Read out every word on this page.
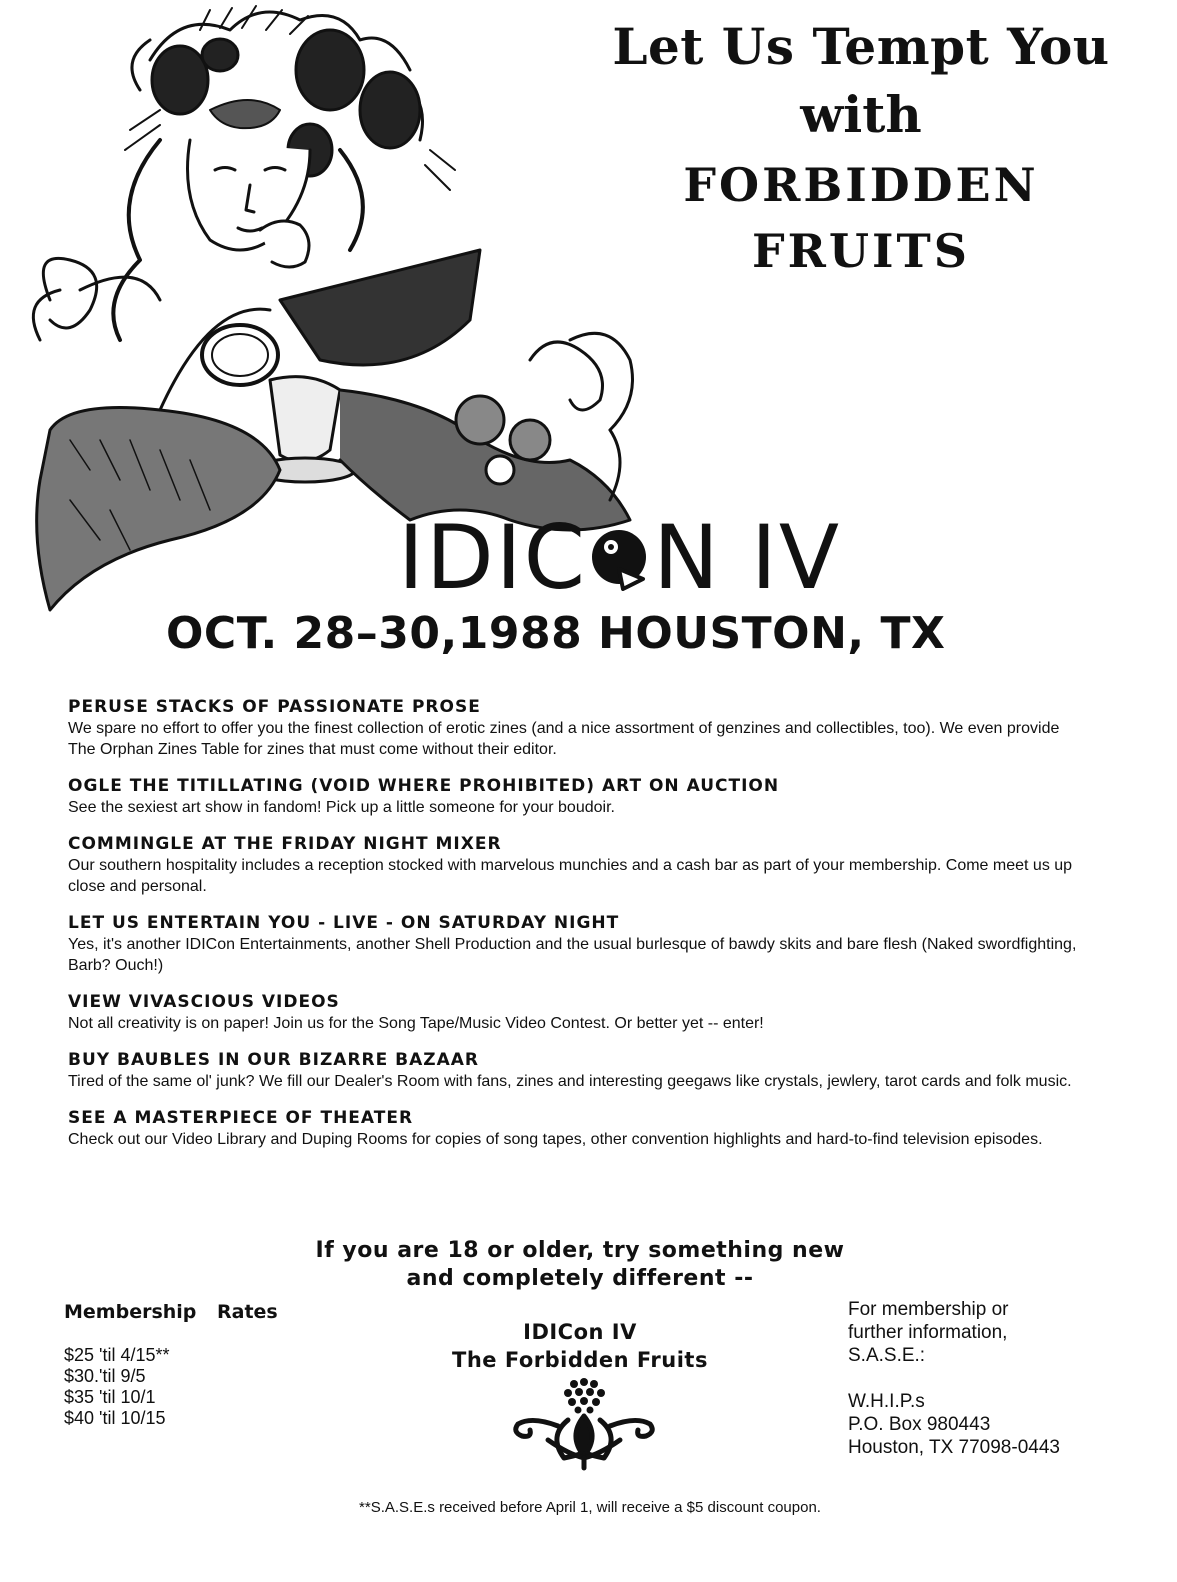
Let Us Tempt You
with
FORBIDDEN
FRUITS
IDIC N IV
OCT. 28–30,1988 HOUSTON, TX
PERUSE STACKS OF PASSIONATE PROSE
We spare no effort to offer you the finest collection of erotic zines (and a nice assortment of genzines and collectibles, too). We even provide The Orphan Zines Table for zines that must come without their editor.
OGLE THE TITILLATING (VOID WHERE PROHIBITED) ART ON AUCTION
See the sexiest art show in fandom! Pick up a little someone for your boudoir.
COMMINGLE AT THE FRIDAY NIGHT MIXER
Our southern hospitality includes a reception stocked with marvelous munchies and a cash bar as part of your membership. Come meet us up close and personal.
LET US ENTERTAIN YOU - LIVE - ON SATURDAY NIGHT
Yes, it's another IDICon Entertainments, another Shell Production and the usual burlesque of bawdy skits and bare flesh (Naked swordfighting, Barb? Ouch!)
VIEW VIVASCIOUS VIDEOS
Not all creativity is on paper! Join us for the Song Tape/Music Video Contest. Or better yet -- enter!
BUY BAUBLES IN OUR BIZARRE BAZAAR
Tired of the same ol' junk? We fill our Dealer's Room with fans, zines and interesting geegaws like crystals, jewlery, tarot cards and folk music.
SEE A MASTERPIECE OF THEATER
Check out our Video Library and Duping Rooms for copies of song tapes, other convention highlights and hard-to-find television episodes.
If you are 18 or older, try something new
and completely different --
Membership Rates
$25 'til 4/15**
$30.'til 9/5
$35 'til 10/1
$40 'til 10/15
IDICon IV
The Forbidden Fruits
For membership or
further information,
S.A.S.E.:
W.H.I.P.s
P.O. Box 980443
Houston, TX 77098-0443
**S.A.S.E.s received before April 1, will receive a $5 discount coupon.
